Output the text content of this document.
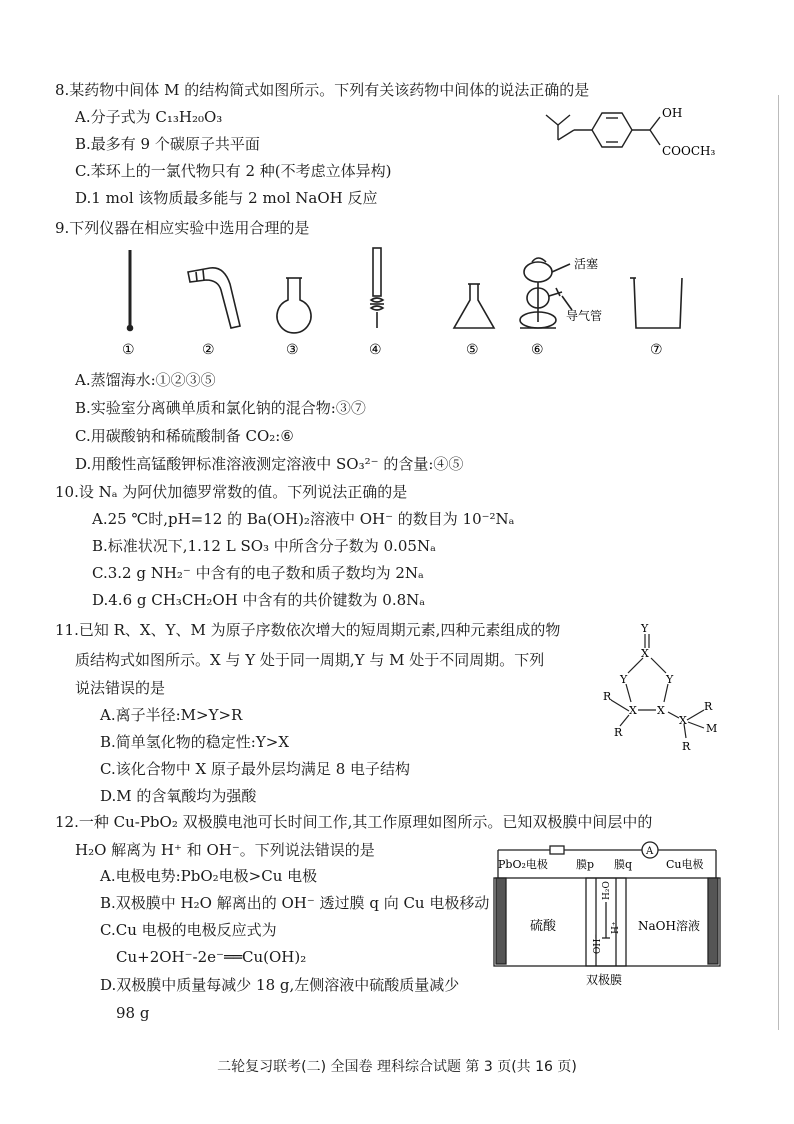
8.某药物中间体 M 的结构简式如图所示。下列有关该药物中间体的说法正确的是
A.分子式为 C₁₃H₂₀O₃
B.最多有 9 个碳原子共平面
C.苯环上的一氯代物只有 2 种(不考虑立体异构)
D.1 mol 该物质最多能与 2 mol NaOH 反应
OH
COOCH₃
9.下列仪器在相应实验中选用合理的是
活塞
导气管
①	②	③	④	⑤	⑥	⑦
A.蒸馏海水:①②③⑤
B.实验室分离碘单质和氯化钠的混合物:③⑦
C.用碳酸钠和稀硫酸制备 CO₂:⑥
D.用酸性高锰酸钾标准溶液测定溶液中 SO₃²⁻ 的含量:④⑤
10.设 Nₐ 为阿伏加德罗常数的值。下列说法正确的是
A.25 ℃时,pH=12 的 Ba(OH)₂溶液中 OH⁻ 的数目为 10⁻²Nₐ
B.标准状况下,1.12 L SO₃ 中所含分子数为 0.05Nₐ
C.3.2 g NH₂⁻ 中含有的电子数和质子数均为 2Nₐ
D.4.6 g CH₃CH₂OH 中含有的共价键数为 0.8Nₐ
11.已知 R、X、Y、M 为原子序数依次增大的短周期元素,四种元素组成的物
质结构式如图所示。X 与 Y 处于同一周期,Y 与 M 处于不同周期。下列
说法错误的是
A.离子半径:M>Y>R
B.简单氢化物的稳定性:Y>X
C.该化合物中 X 原子最外层均满足 8 电子结构
D.M 的含氧酸均为强酸
Y
X
Y	Y
X X
X
R
R
R
R
M
12.一种 Cu-PbO₂ 双极膜电池可长时间工作,其工作原理如图所示。已知双极膜中间层中的
H₂O 解离为 H⁺ 和 OH⁻。下列说法错误的是
A.电极电势:PbO₂电极>Cu 电极
B.双极膜中 H₂O 解离出的 OH⁻ 透过膜 q 向 Cu 电极移动
C.Cu 电极的电极反应式为
Cu+2OH⁻-2e⁻══Cu(OH)₂
D.双极膜中质量每减少 18 g,左侧溶液中硫酸质量减少
98 g
PbO₂电极	膜p 膜q	Cu电极
A
硫酸	NaOH溶液
OH⁻
H₂O
H⁺
双极膜
二轮复习联考(二) 全国卷 理科综合试题 第 3 页(共 16 页)
